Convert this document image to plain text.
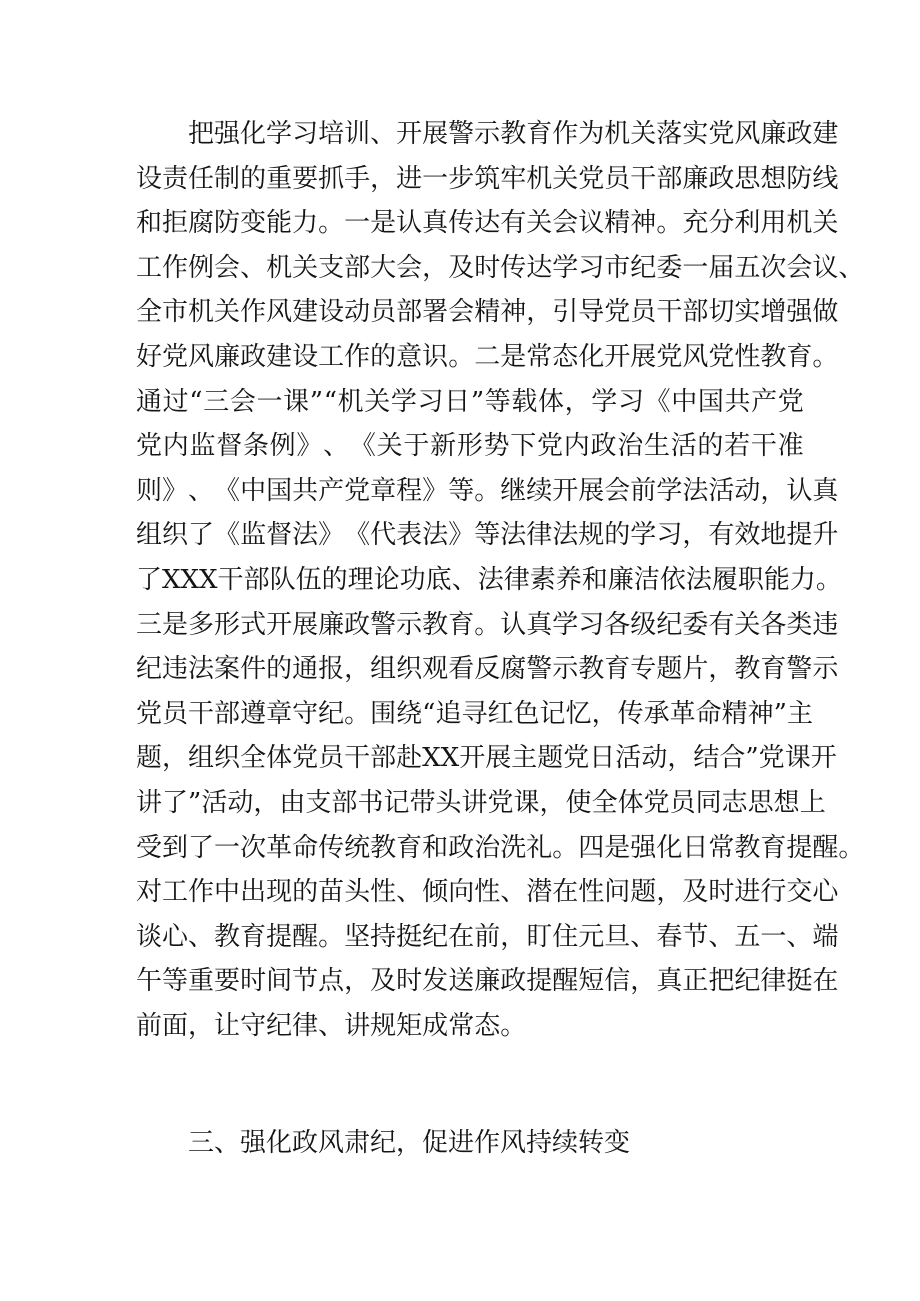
把 强 化 学 习 培 训 、 开 展 警 示 教 育 作 为 机 关 落 实 党 风 廉 政 建
设 责 任 制 的 重 要 抓 手 ， 进 一 步 筑 牢 机 关 党 员 干 部 廉 政 思 想 防 线
和 拒 腐 防 变 能 力 。 一 是 认 真 传 达 有 关 会 议 精 神 。 充 分 利 用 机 关
工 作 例 会 、 机 关 支 部 大 会 ， 及 时 传 达 学 习 市 纪 委 一 届 五 次 会 议 、
全 市 机 关 作 风 建 设 动 员 部 署 会 精 神 ， 引 导 党 员 干 部 切 实 增 强 做
好 党 风 廉 政 建 设 工 作 的 意 识 。 二 是 常 态 化 开 展 党 风 党 性 教 育 。
通 过 “ 三 会 一 课 ” “ 机 关 学 习 日 ” 等 载 体 ， 学 习 《 中 国 共 产 党
党 内 监 督 条 例 》 、 《 关 于 新 形 势 下 党 内 政 治 生 活 的 若 干 准
则 》 、 《 中 国 共 产 党 章 程 》 等 。 继 续 开 展 会 前 学 法 活 动 ， 认 真
组 织 了 《 监 督 法 》 《 代 表 法 》 等 法 律 法 规 的 学 习 ， 有 效 地 提 升
了 XXX 干 部 队 伍 的 理 论 功 底 、 法 律 素 养 和 廉 洁 依 法 履 职 能 力 。
三 是 多 形 式 开 展 廉 政 警 示 教 育 。 认 真 学 习 各 级 纪 委 有 关 各 类 违
纪 违 法 案 件 的 通 报 ， 组 织 观 看 反 腐 警 示 教 育 专 题 片 ， 教 育 警 示
党 员 干 部 遵 章 守 纪 。 围 绕 “ 追 寻 红 色 记 忆 ， 传 承 革 命 精 神 ” 主
题 ， 组 织 全 体 党 员 干 部 赴 XX 开 展 主 题 党 日 活 动 ， 结 合 ” 党 课 开
讲 了 ” 活 动 ， 由 支 部 书 记 带 头 讲 党 课 ， 使 全 体 党 员 同 志 思 想 上
受 到 了 一 次 革 命 传 统 教 育 和 政 治 洗 礼 。 四 是 强 化 日 常 教 育 提 醒 。
对 工 作 中 出 现 的 苗 头 性 、 倾 向 性 、 潜 在 性 问 题 ， 及 时 进 行 交 心
谈 心 、 教 育 提 醒 。 坚 持 挺 纪 在 前 ， 盯 住 元 旦 、 春 节 、 五 一 、 端
午 等 重 要 时 间 节 点 ， 及 时 发 送 廉 政 提 醒 短 信 ， 真 正 把 纪 律 挺 在
前 面 ， 让 守 纪 律 、 讲 规 矩 成 常 态 。
三、强化政风肃纪，促进作风持续转变
